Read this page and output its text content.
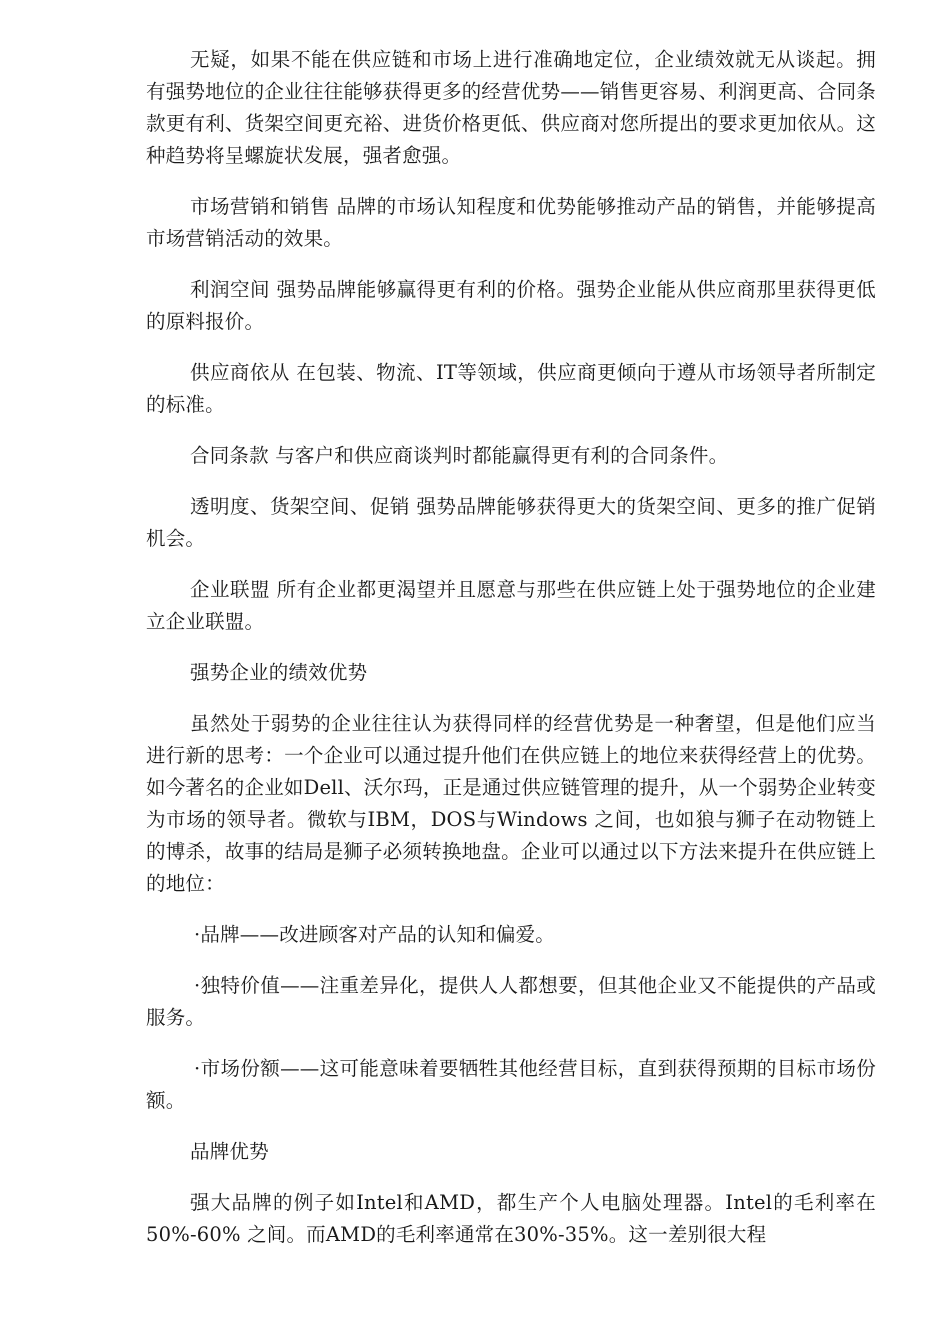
无疑，如果不能在供应链和市场上进行准确地定位，企业绩效就无从谈起。拥有强势地位的企业往往能够获得更多的经营优势——销售更容易、利润更高、合同条款更有利、货架空间更充裕、进货价格更低、供应商对您所提出的要求更加依从。这种趋势将呈螺旋状发展，强者愈强。

市场营销和销售 品牌的市场认知程度和优势能够推动产品的销售，并能够提高市场营销活动的效果。

利润空间 强势品牌能够赢得更有利的价格。强势企业能从供应商那里获得更低的原料报价。

供应商依从 在包装、物流、IT等领域，供应商更倾向于遵从市场领导者所制定的标准。

合同条款 与客户和供应商谈判时都能赢得更有利的合同条件。

透明度、货架空间、促销 强势品牌能够获得更大的货架空间、更多的推广促销机会。

企业联盟 所有企业都更渴望并且愿意与那些在供应链上处于强势地位的企业建立企业联盟。

强势企业的绩效优势

虽然处于弱势的企业往往认为获得同样的经营优势是一种奢望，但是他们应当进行新的思考：一个企业可以通过提升他们在供应链上的地位来获得经营上的优势。如今著名的企业如Dell、沃尔玛，正是通过供应链管理的提升，从一个弱势企业转变为市场的领导者。微软与IBM，DOS与Windows 之间，也如狼与狮子在动物链上的博杀，故事的结局是狮子必须转换地盘。企业可以通过以下方法来提升在供应链上的地位：

·品牌——改进顾客对产品的认知和偏爱。

·独特价值——注重差异化，提供人人都想要，但其他企业又不能提供的产品或服务。

·市场份额——这可能意味着要牺牲其他经营目标，直到获得预期的目标市场份额。

品牌优势

强大品牌的例子如Intel和AMD，都生产个人电脑处理器。Intel的毛利率在50%-60% 之间。而AMD的毛利率通常在30%-35%。这一差别很大程
